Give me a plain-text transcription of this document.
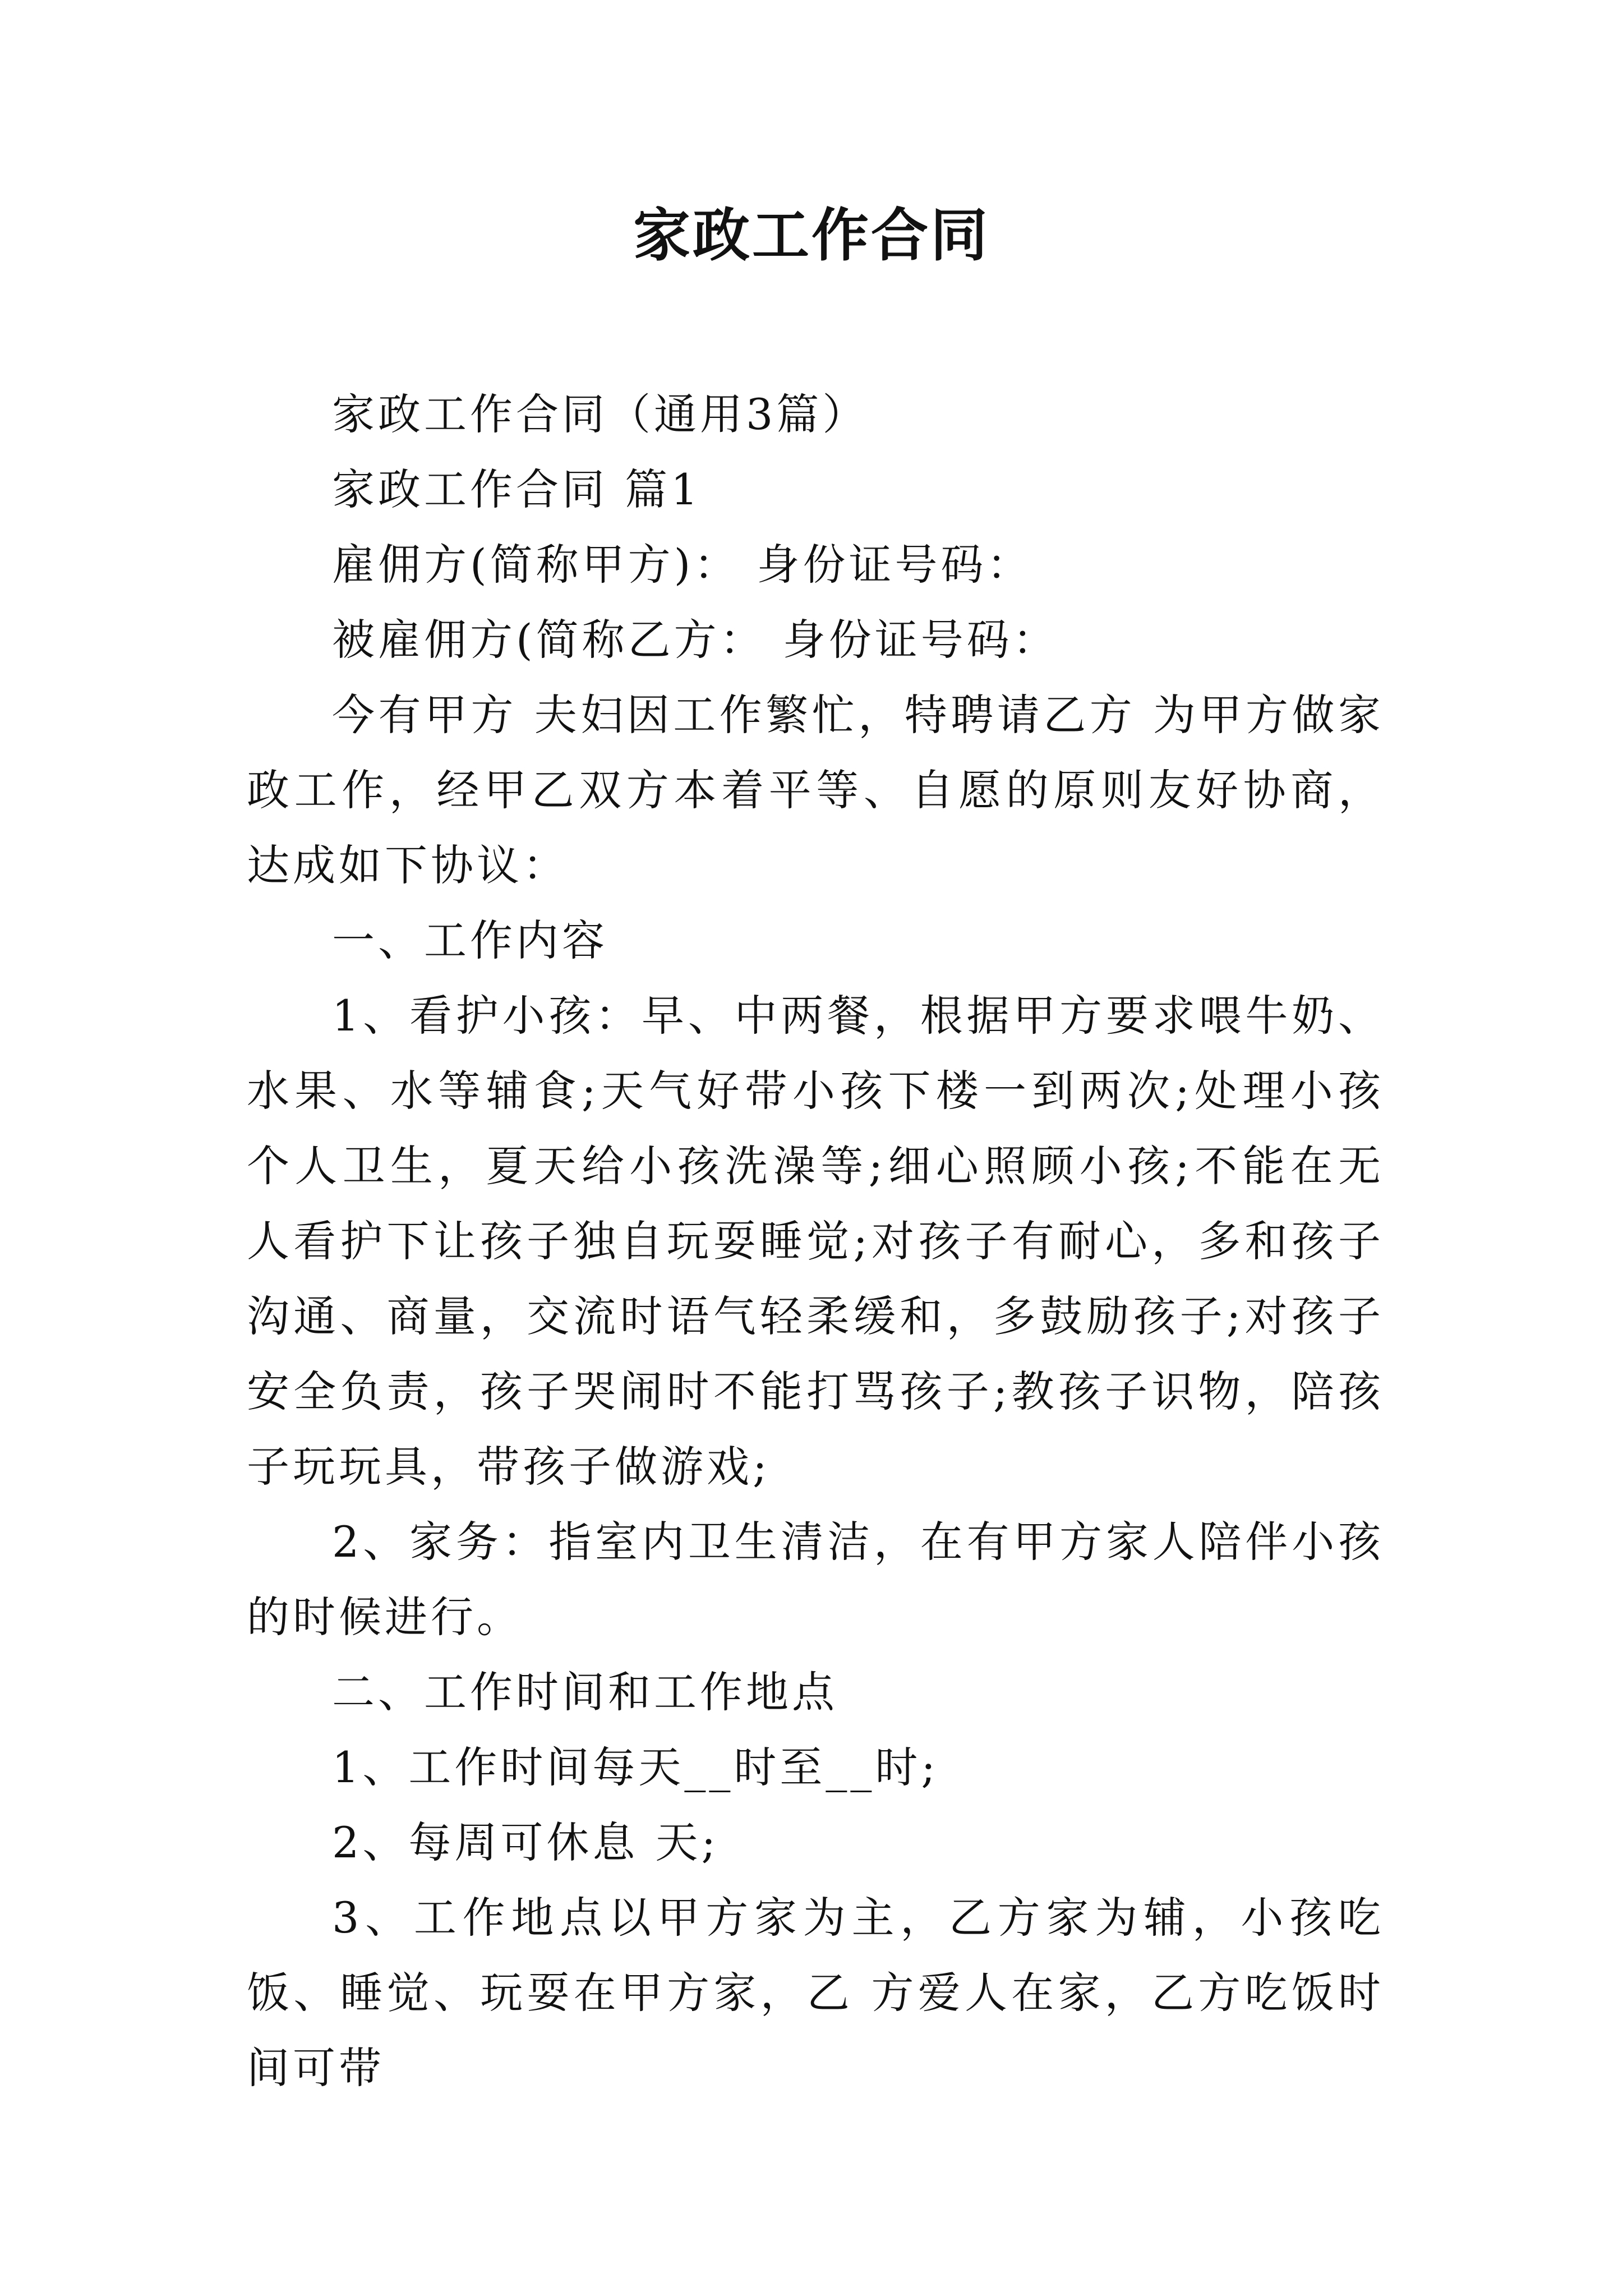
家政工作合同

家政工作合同（通用3篇）

家政工作合同 篇1

雇佣方(简称甲方)： 身份证号码：

被雇佣方(简称乙方： 身份证号码：

今有甲方 夫妇因工作繁忙，特聘请乙方 为甲方做家政工作，经甲乙双方本着平等、自愿的原则友好协商，达成如下协议：

一、工作内容

1、看护小孩：早、中两餐，根据甲方要求喂牛奶、水果、水等辅食;天气好带小孩下楼一到两次;处理小孩个人卫生，夏天给小孩洗澡等;细心照顾小孩;不能在无人看护下让孩子独自玩耍睡觉;对孩子有耐心，多和孩子沟通、商量，交流时语气轻柔缓和，多鼓励孩子;对孩子安全负责，孩子哭闹时不能打骂孩子;教孩子识物，陪孩子玩玩具，带孩子做游戏;

2、家务：指室内卫生清洁，在有甲方家人陪伴小孩的时候进行。

二、工作时间和工作地点

1、工作时间每天__时至__时;

2、每周可休息 天;

3、工作地点以甲方家为主，乙方家为辅，小孩吃饭、睡觉、玩耍在甲方家，乙 方爱人在家，乙方吃饭时间可带
